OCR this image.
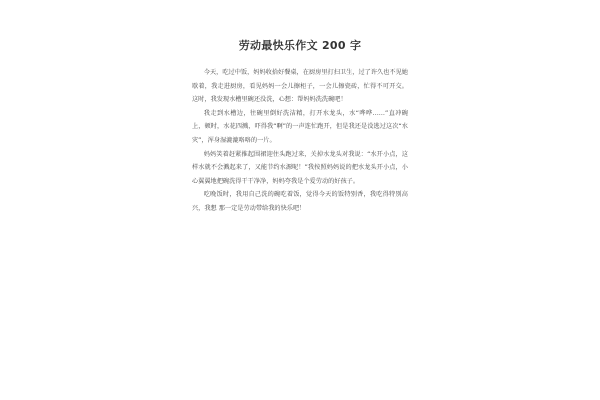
劳动最快乐作文 200 字

今天，吃过中饭，妈妈收拾好餐桌，在厨房里打扫卫生，过了许久也不见她歇着，我走进厨房，看见妈妈一会儿擦柜子，一会儿擦瓷砖，忙得不可开交。这时，我发现水槽里碗还没洗，心想：帮妈妈洗洗碗吧！

我走到水槽边，往碗里倒好洗洁精，打开水龙头，水“哗哗……”直冲碗上，顿时，水花四溅，吓得我“啊”的一声连忙跑开，但是我还是没逃过这次“水灾”，浑身湿漉漉咯咯的一片。

妈妈笑着赶紧推起围裙迎住头跑过来，关掉水龙头对我说：“水开小点，这样水就不会溅起来了，又能节约水源呢！”我按照妈妈说的把水龙头开小点，小心翼翼地把碗洗得干干净净，妈妈夸我是个爱劳动的好孩子。

吃晚饭时，我用自己洗的碗吃着饭，觉得今天的饭特别香，我吃得特别高兴，我想 那一定是劳动带给我的快乐吧！
